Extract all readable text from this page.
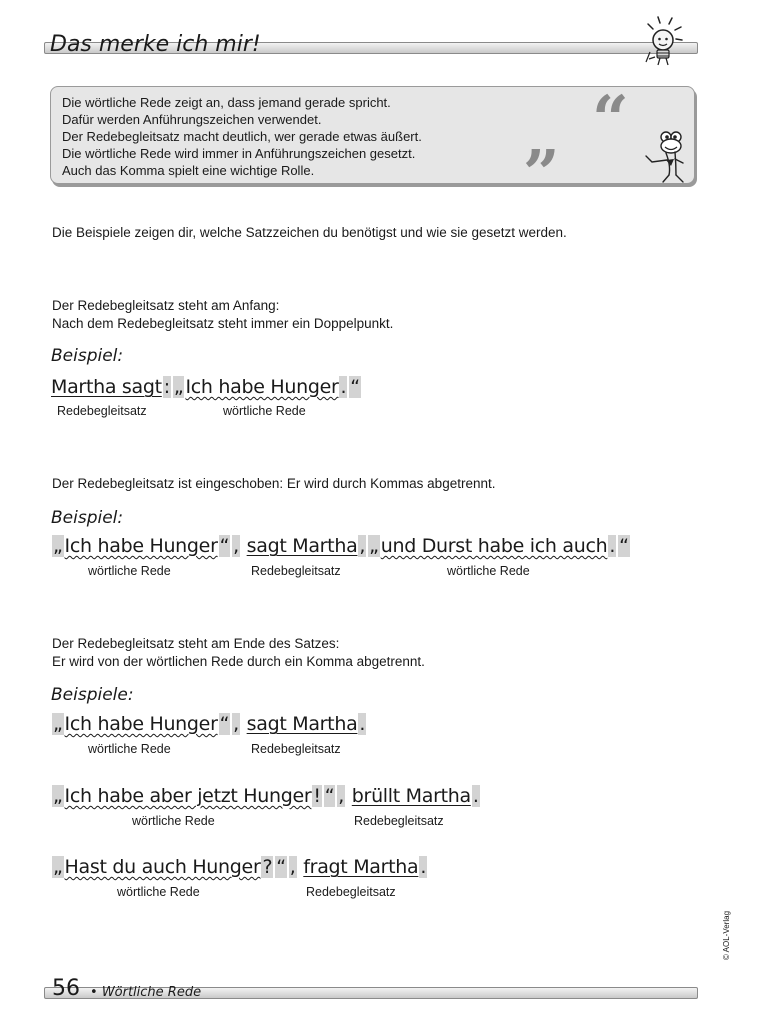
Das merke ich mir!
Die wörtliche Rede zeigt an, dass jemand gerade spricht.
Dafür werden Anführungszeichen verwendet.
Der Redebegleitsatz macht deutlich, wer gerade etwas äußert.
Die wörtliche Rede wird immer in Anführungszeichen gesetzt.
Auch das Komma spielt eine wichtige Rolle.
“
„
Die Beispiele zeigen dir, welche Satzzeichen du benötigst und wie sie gesetzt werden.
Der Redebegleitsatz steht am Anfang:
Nach dem Redebegleitsatz steht immer ein Doppelpunkt.
Beispiel:
Martha sagt : „ Ich habe Hunger . “
Redebegleitsatz	wörtliche Rede
Der Redebegleitsatz ist eingeschoben: Er wird durch Kommas abgetrennt.
Beispiel:
„ Ich habe Hunger “ , sagt Martha , „ und Durst habe ich auch . “
wörtliche Rede	Redebegleitsatz	wörtliche Rede
Der Redebegleitsatz steht am Ende des Satzes:
Er wird von der wörtlichen Rede durch ein Komma abgetrennt.
Beispiele:
„ Ich habe Hunger “ , sagt Martha .
wörtliche Rede	Redebegleitsatz
„ Ich habe aber jetzt Hunger ! “ , brüllt Martha .
wörtliche Rede	Redebegleitsatz
„ Hast du auch Hunger ? “ , fragt Martha .
wörtliche Rede	Redebegleitsatz
© AOL-Verlag
56 • Wörtliche Rede
